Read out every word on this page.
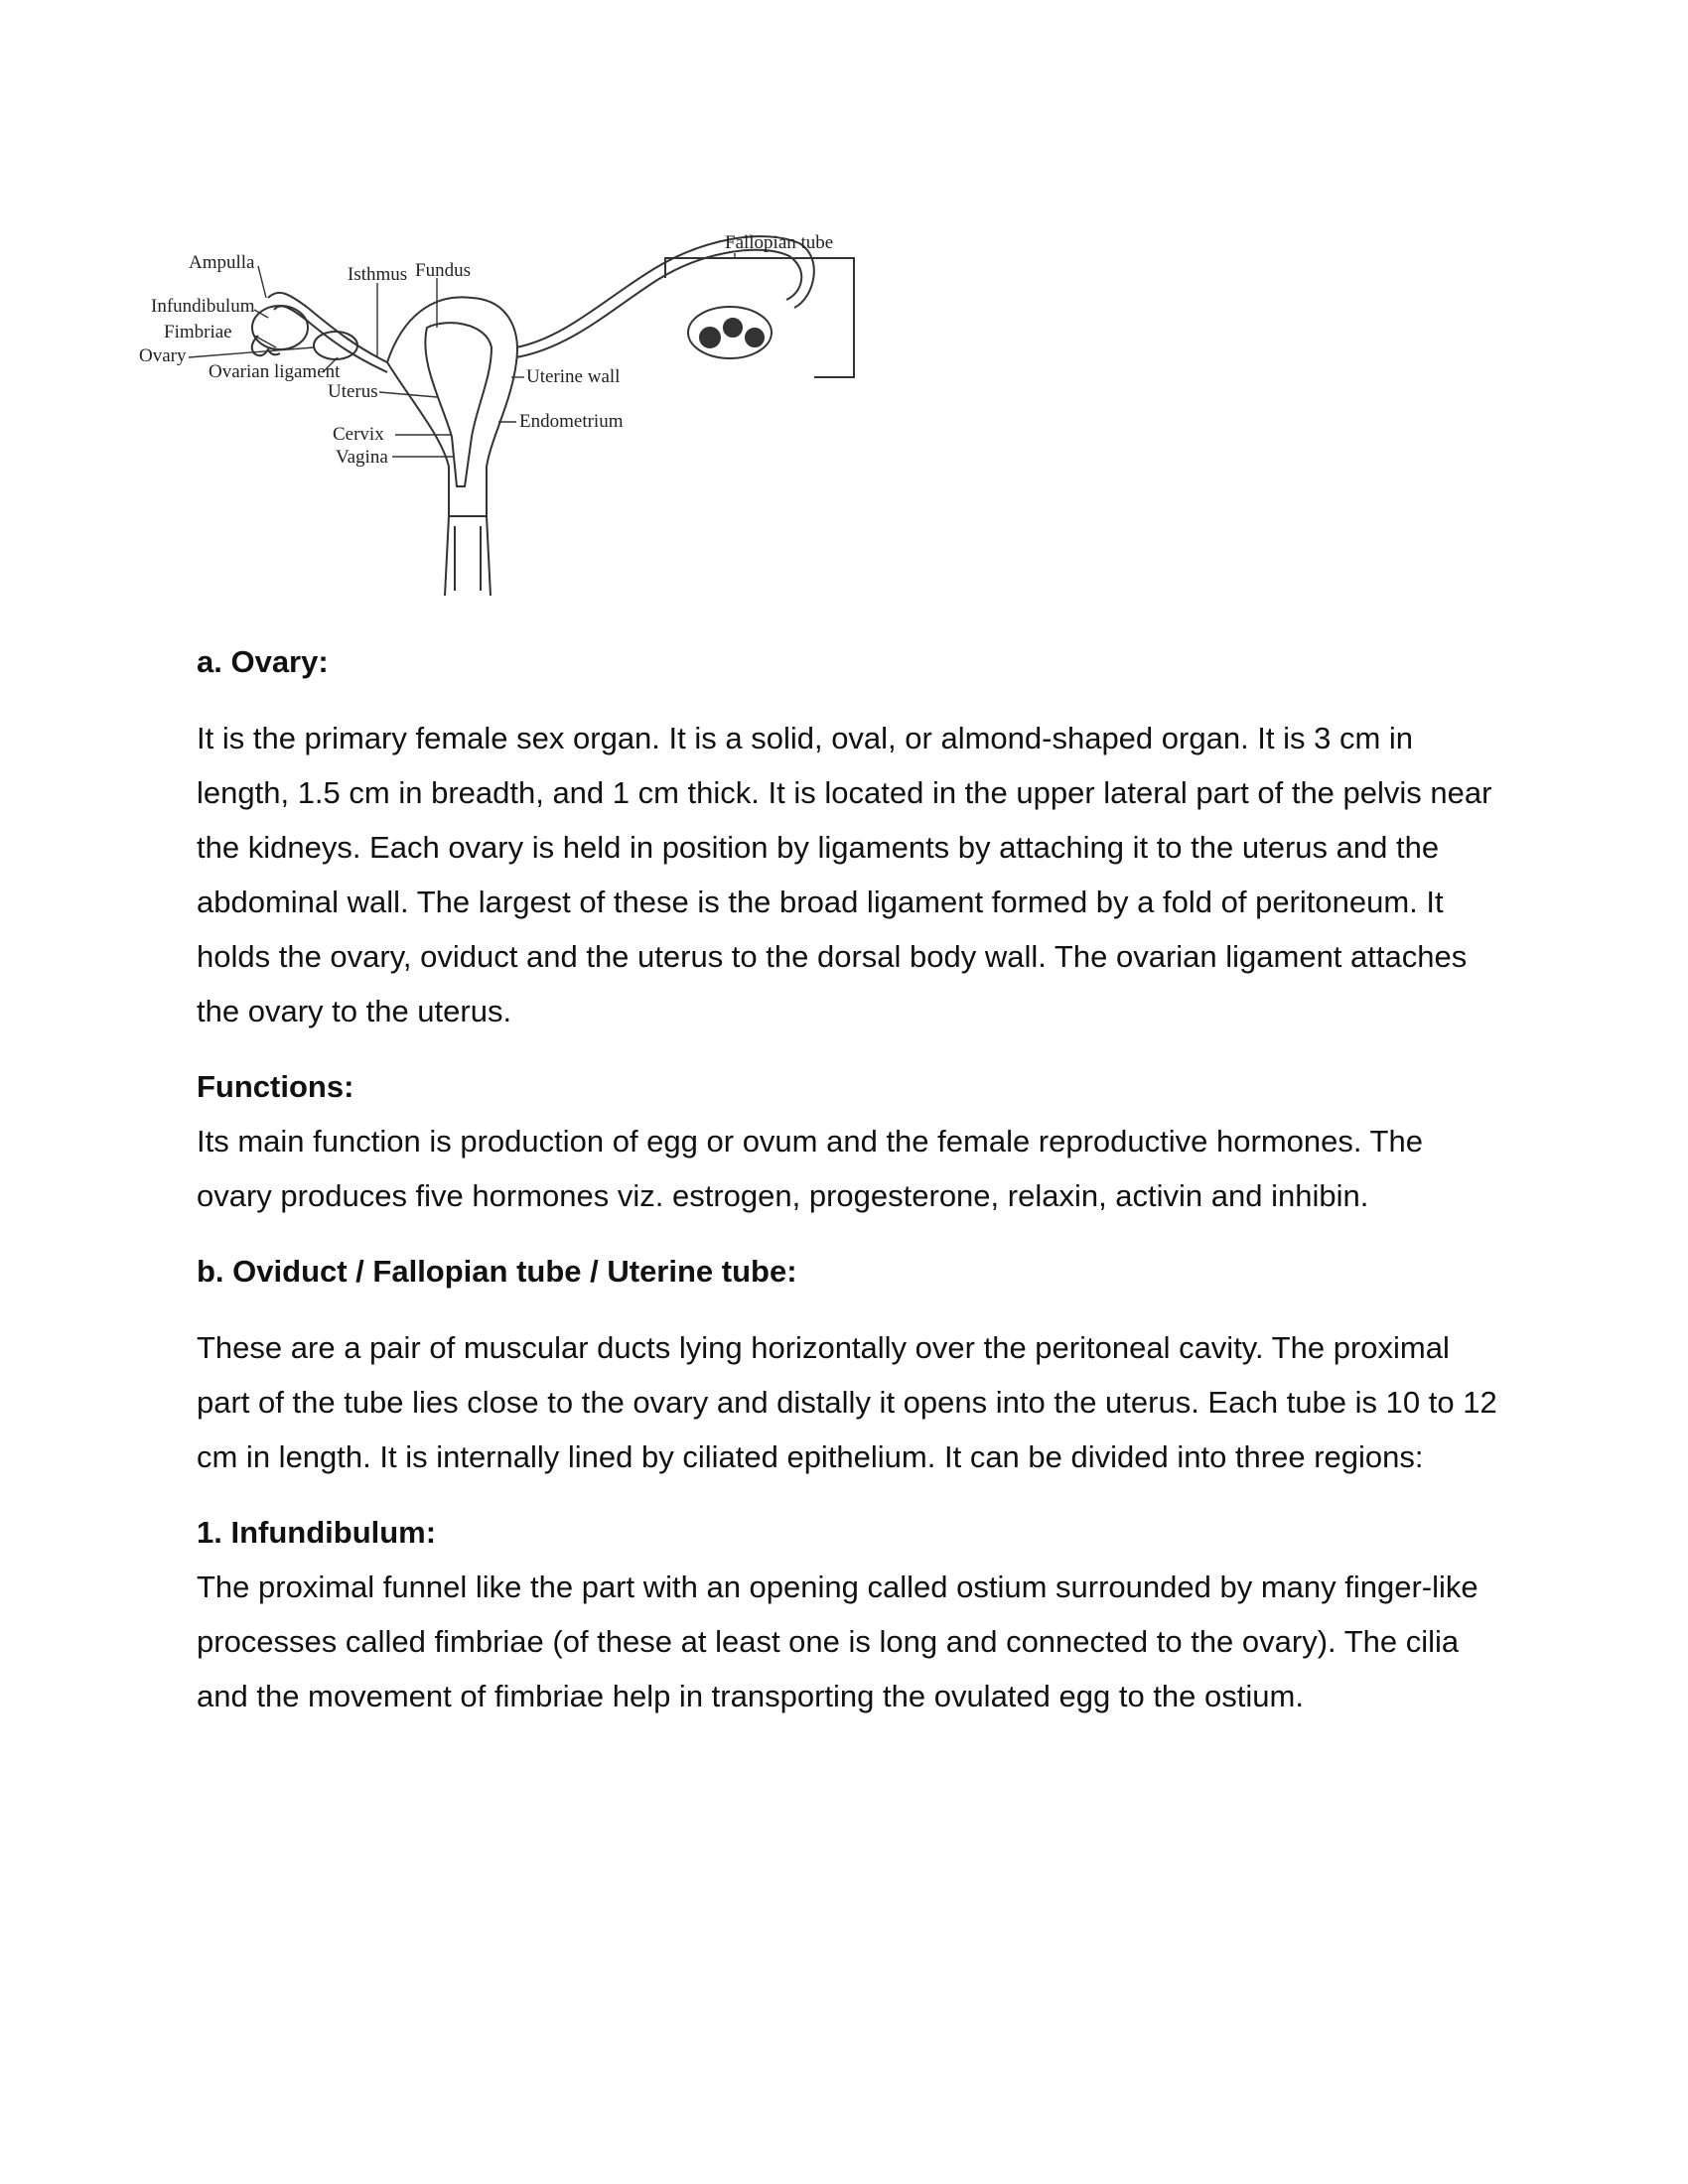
Fallopian tube
Isthmus Fundus
Ampulla
Infundibulum
Fimbriae
Ovary
Ovarian ligament
Uterus
Uterine wall
Endometrium
Cervix
Vagina
a. Ovary:

It is the primary female sex organ. It is a solid, oval, or almond-shaped organ. It is 3 cm in length, 1.5 cm in breadth, and 1 cm thick. It is located in the upper lateral part of the pelvis near the kidneys. Each ovary is held in position by ligaments by attaching it to the uterus and the abdominal wall. The largest of these is the broad ligament formed by a fold of peritoneum. It holds the ovary, oviduct and the uterus to the dorsal body wall. The ovarian ligament attaches the ovary to the uterus.

Functions:

Its main function is production of egg or ovum and the female reproductive hormones. The ovary produces five hormones viz. estrogen, progesterone, relaxin, activin and inhibin.

b. Oviduct / Fallopian tube / Uterine tube:

These are a pair of muscular ducts lying horizontally over the peritoneal cavity. The proximal part of the tube lies close to the ovary and distally it opens into the uterus. Each tube is 10 to 12 cm in length. It is internally lined by ciliated epithelium. It can be divided into three regions:

1. Infundibulum:

The proximal funnel like the part with an opening called ostium surrounded by many finger-like processes called fimbriae (of these at least one is long and connected to the ovary). The cilia and the movement of fimbriae help in transporting the ovulated egg to the ostium.
